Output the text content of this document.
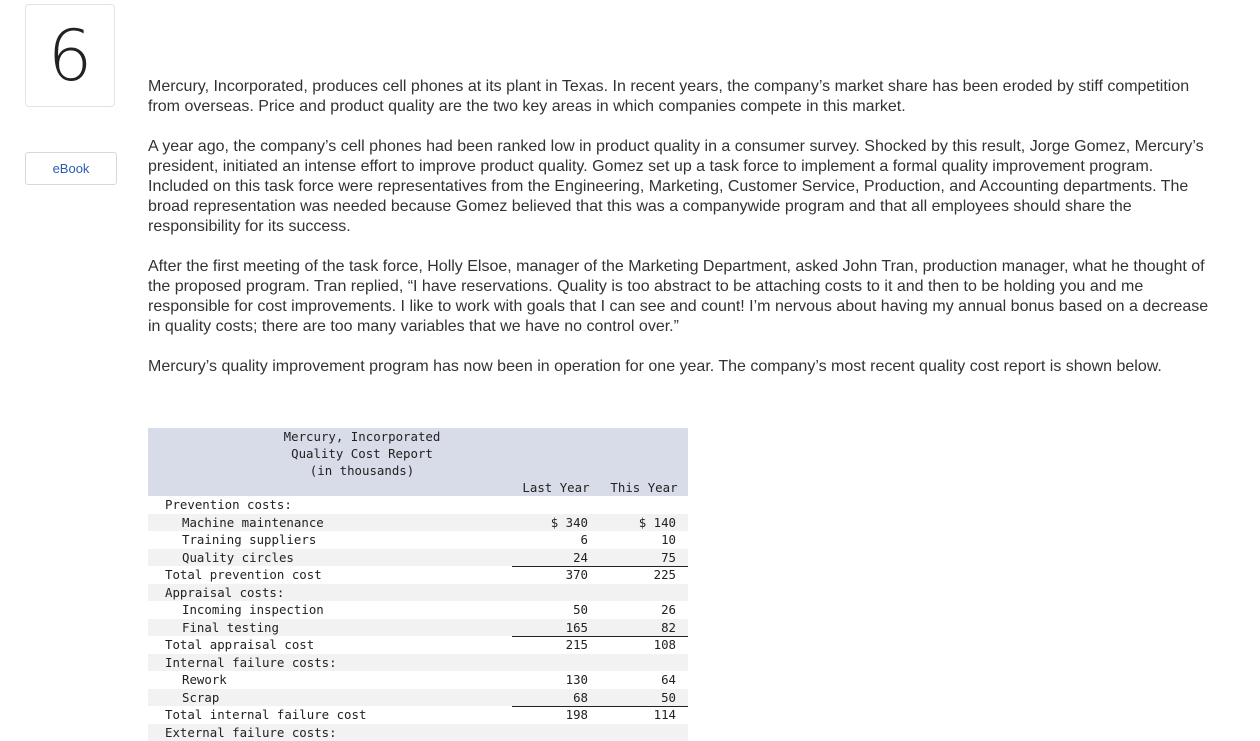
6
eBook

Mercury, Incorporated, produces cell phones at its plant in Texas. In recent years, the company’s market share has been eroded by stiff competition from overseas. Price and product quality are the two key areas in which companies compete in this market.

A year ago, the company’s cell phones had been ranked low in product quality in a consumer survey. Shocked by this result, Jorge Gomez, Mercury’s president, initiated an intense effort to improve product quality. Gomez set up a task force to implement a formal quality improvement program. Included on this task force were representatives from the Engineering, Marketing, Customer Service, Production, and Accounting departments. The broad representation was needed because Gomez believed that this was a companywide program and that all employees should share the responsibility for its success.

After the first meeting of the task force, Holly Elsoe, manager of the Marketing Department, asked John Tran, production manager, what he thought of the proposed program. Tran replied, “I have reservations. Quality is too abstract to be attaching costs to it and then to be holding you and me responsible for cost improvements. I like to work with goals that I can see and count! I’m nervous about having my annual bonus based on a decrease in quality costs; there are too many variables that we have no control over.”

Mercury’s quality improvement program has now been in operation for one year. The company’s most recent quality cost report is shown below.

Mercury, Incorporated
Quality Cost Report
(in thousands)
Last Year	This Year
Prevention costs:
Machine maintenance	$ 340	$ 140
Training suppliers	6	10
Quality circles	24	75
Total prevention cost	370	225
Appraisal costs:
Incoming inspection	50	26
Final testing	165	82
Total appraisal cost	215	108
Internal failure costs:
Rework	130	64
Scrap	68	50
Total internal failure cost	198	114
External failure costs:
